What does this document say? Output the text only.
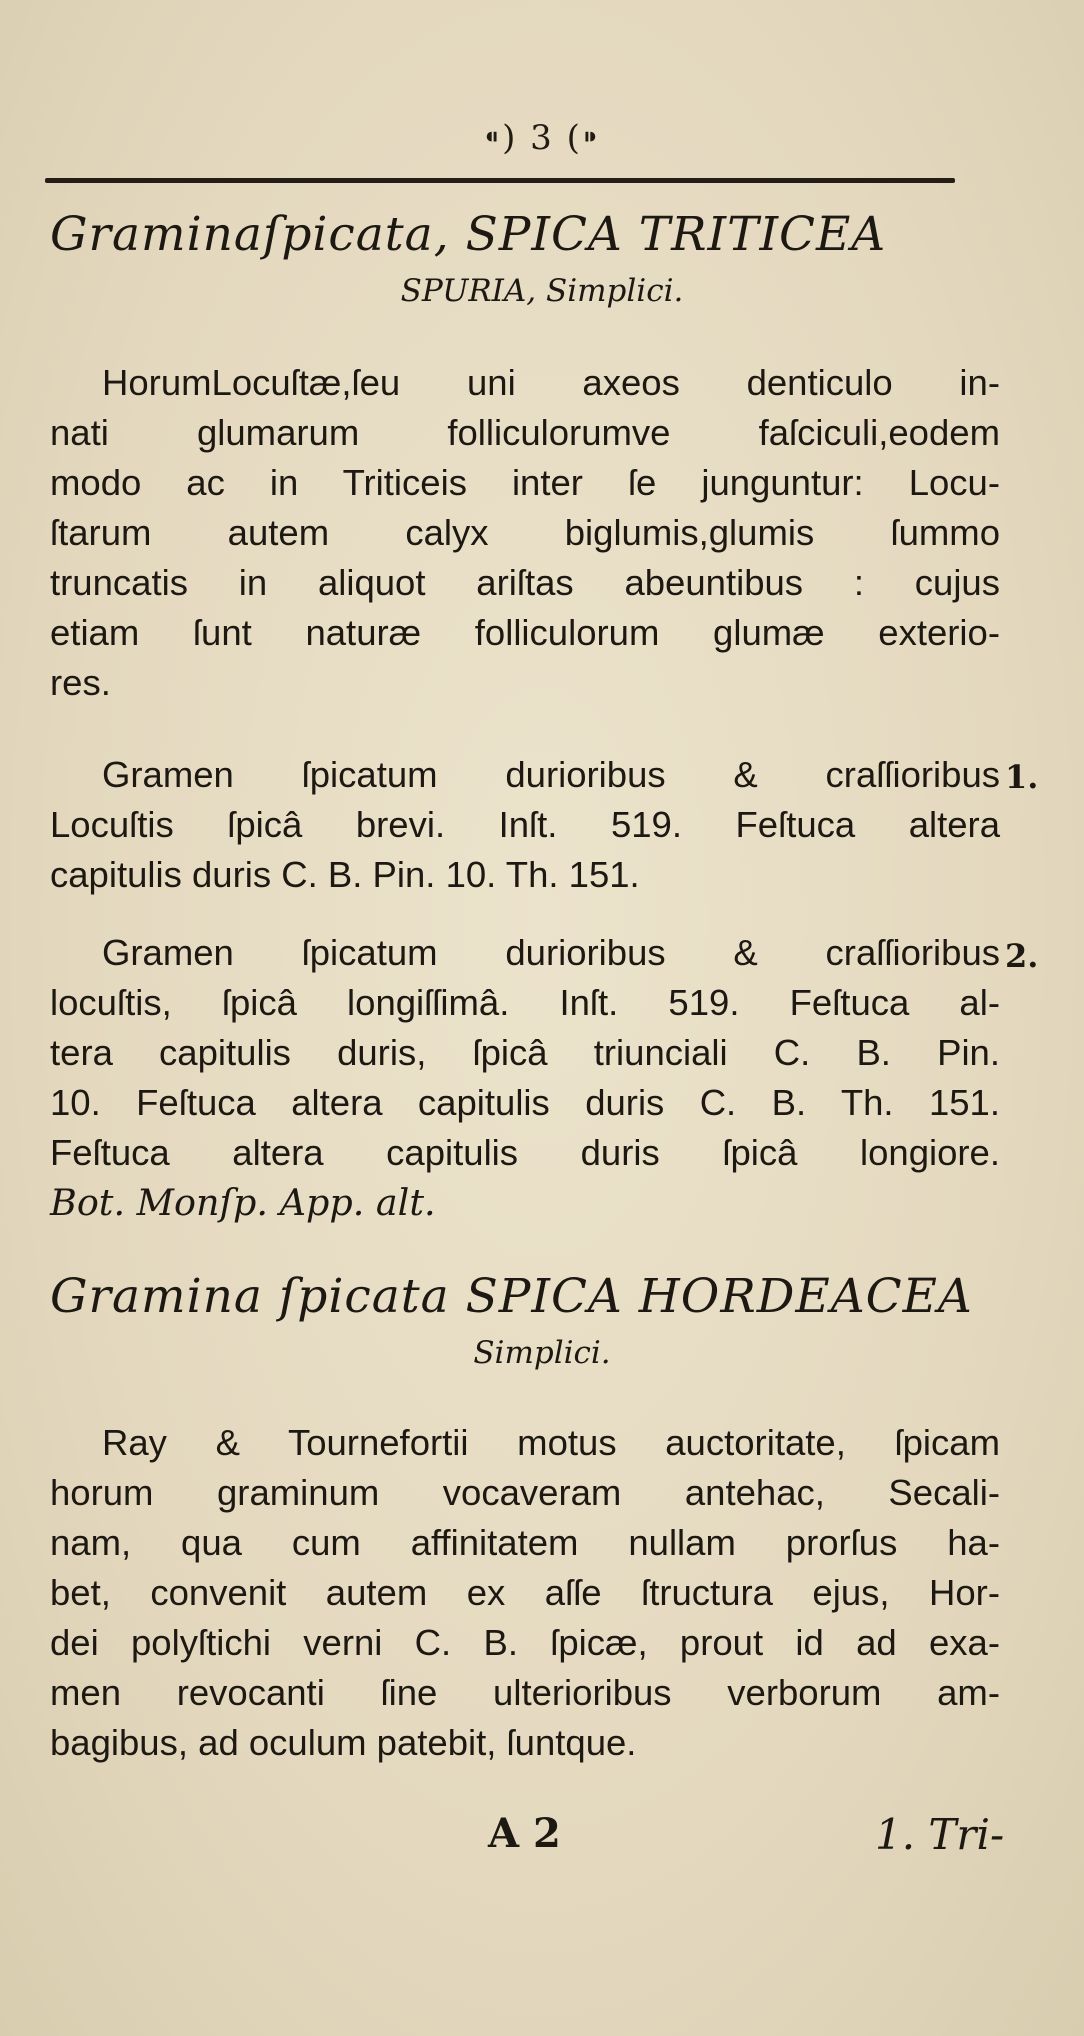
⁌) 3 (⁍
Graminaſpicata, SPICA TRITICEA
SPURIA, Simplici.
HorumLocuſtæ,ſeu uni axeos denticulo in-
nati glumarum folliculorumve faſciculi,eodem
modo ac in Triticeis inter ſe junguntur: Locu-
ſtarum autem calyx biglumis,glumis ſummo
truncatis in aliquot ariſtas abeuntibus : cujus
etiam ſunt naturæ folliculorum glumæ exterio-
res.
Gramen ſpicatum durioribus & craſſioribus
Locuſtis ſpicâ brevi. Inſt. 519. Feſtuca altera
capitulis duris C. B. Pin. 10. Th. 151.
1.
Gramen ſpicatum durioribus & craſſioribus
locuſtis, ſpicâ longiſſimâ. Inſt. 519. Feſtuca al-
tera capitulis duris, ſpicâ triunciali C. B. Pin.
10. Feſtuca altera capitulis duris C. B. Th. 151.
Feſtuca altera capitulis duris ſpicâ longiore.
Bot. Monſp. App. alt.
2.
Gramina ſpicata SPICA HORDEACEA
Simplici.
Ray & Tournefortii motus auctoritate, ſpicam
horum graminum vocaveram antehac, Secali-
nam, qua cum affinitatem nullam prorſus ha-
bet, convenit autem ex aſſe ſtructura ejus, Hor-
dei polyſtichi verni C. B. ſpicæ, prout id ad exa-
men revocanti ſine ulterioribus verborum am-
bagibus, ad oculum patebit, ſuntque.
A 2	1. Tri-
